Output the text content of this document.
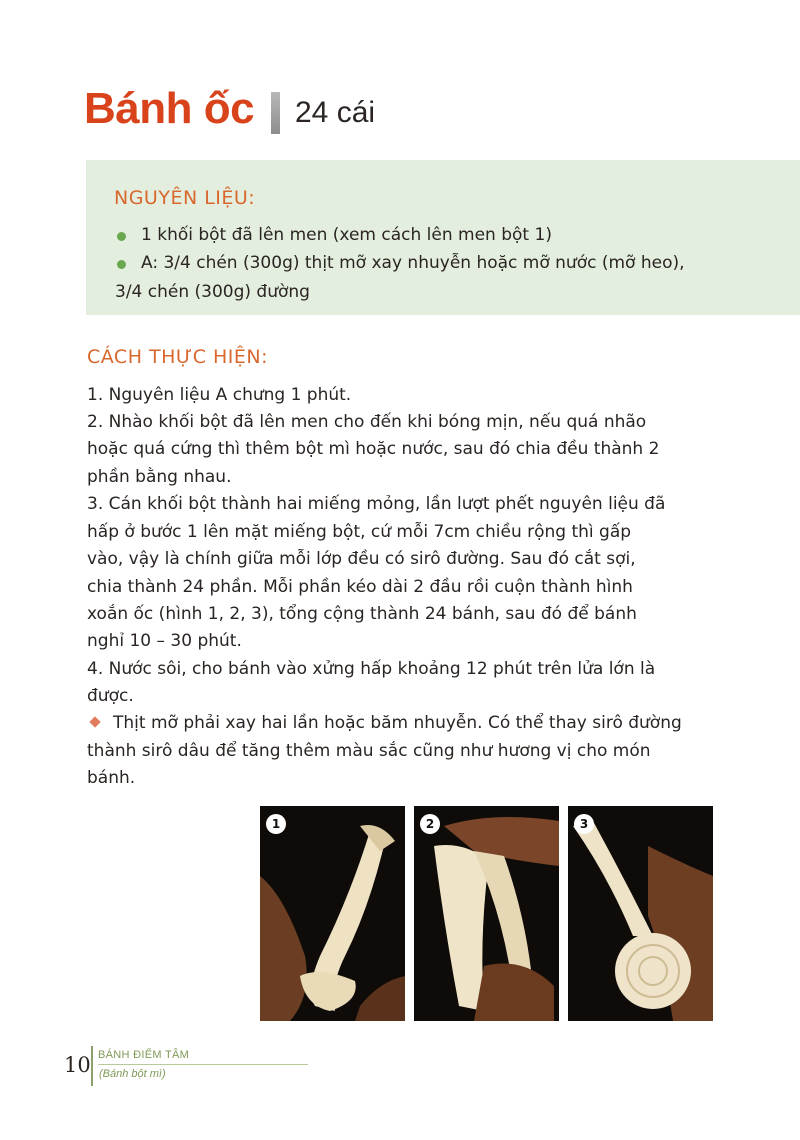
Bánh ốc 24 cái
NGUYÊN LIỆU:
1 khối bột đã lên men (xem cách lên men bột 1)
A: 3/4 chén (300g) thịt mỡ xay nhuyễn hoặc mỡ nước (mỡ heo),
3/4 chén (300g) đường
CÁCH THỰC HIỆN:
1. Nguyên liệu A chưng 1 phút.
2. Nhào khối bột đã lên men cho đến khi bóng mịn, nếu quá nhão
hoặc quá cứng thì thêm bột mì hoặc nước, sau đó chia đều thành 2
phần bằng nhau.
3. Cán khối bột thành hai miếng mỏng, lần lượt phết nguyên liệu đã
hấp ở bước 1 lên mặt miếng bột, cứ mỗi 7cm chiều rộng thì gấp
vào, vậy là chính giữa mỗi lớp đều có sirô đường. Sau đó cắt sợi,
chia thành 24 phần. Mỗi phần kéo dài 2 đầu rồi cuộn thành hình
xoắn ốc (hình 1, 2, 3), tổng cộng thành 24 bánh, sau đó để bánh
nghỉ 10 – 30 phút.
4. Nước sôi, cho bánh vào xửng hấp khoảng 12 phút trên lửa lớn là
được.
Thịt mỡ phải xay hai lần hoặc băm nhuyễn. Có thể thay sirô đường
thành sirô dâu để tăng thêm màu sắc cũng như hương vị cho món
bánh.
1	2	3
10 BÁNH ĐIỂM TÂM
(Bánh bột mì)
